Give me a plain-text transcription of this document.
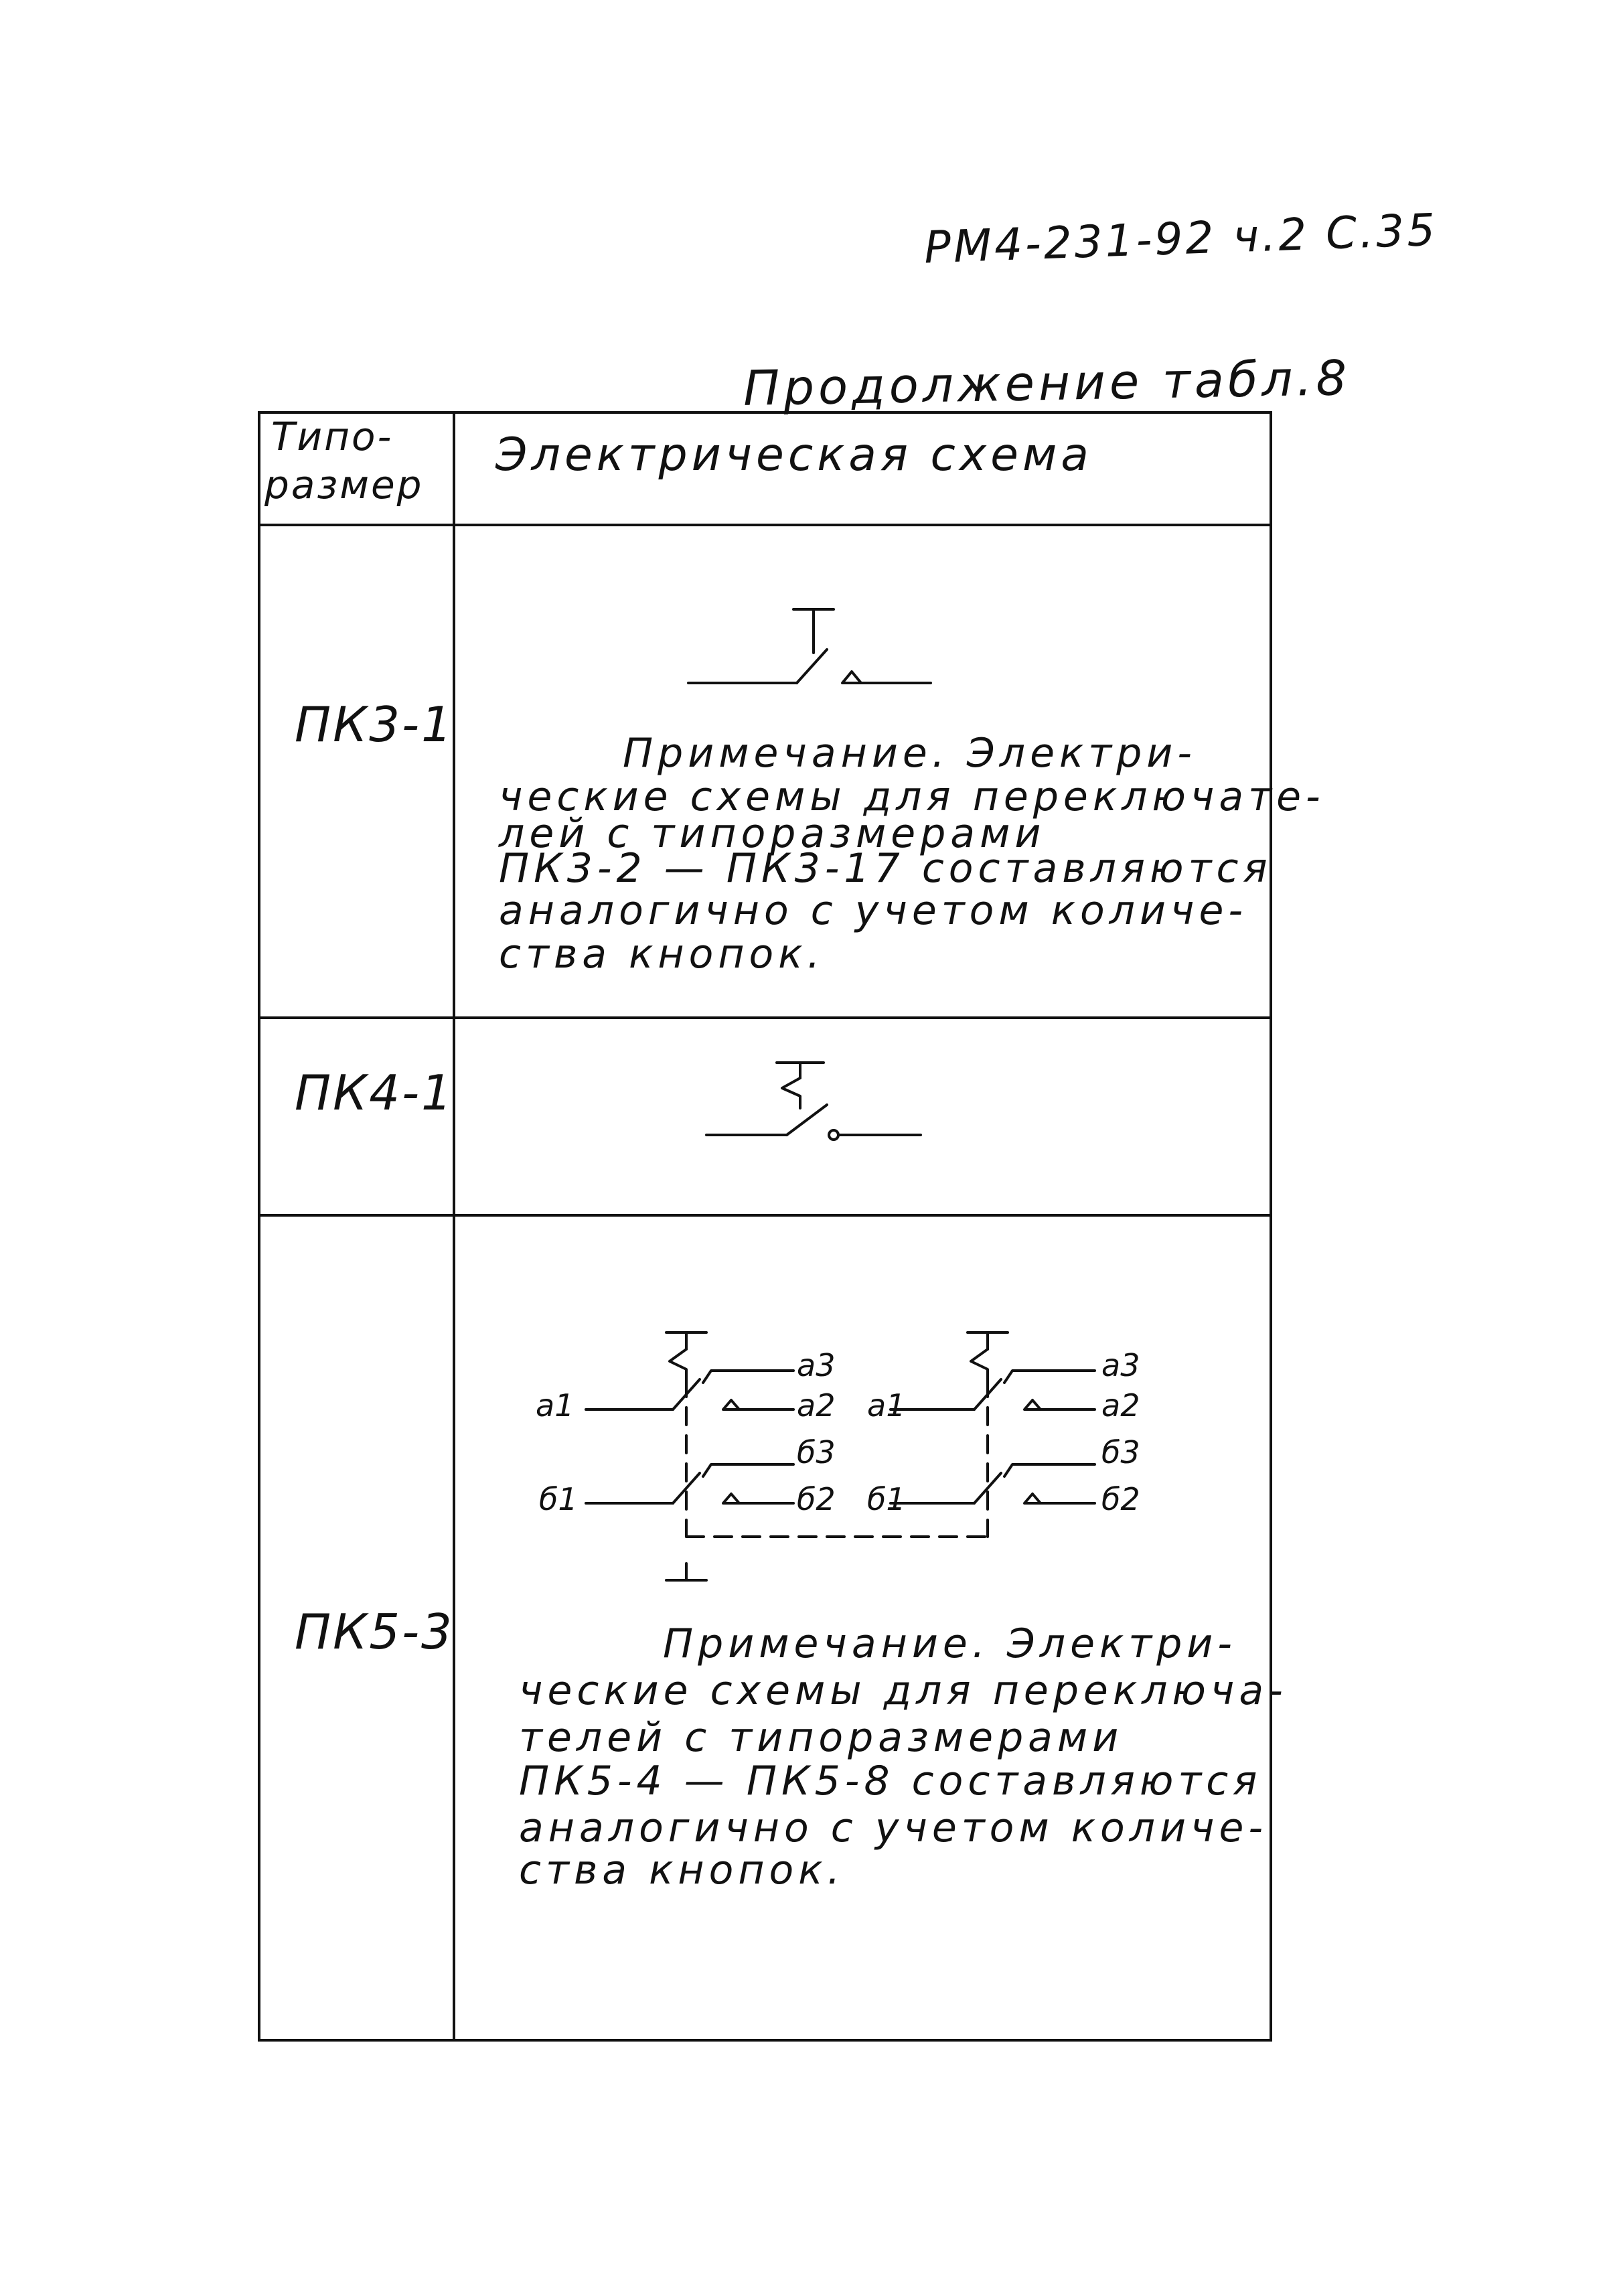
РМ4-231-92 ч.2 С.35
Продолжение табл.8
Типо-
размер
Электрическая схема
ПК3-1
ПК4-1
ПК5-3
а1
а3
а2
б1
б3
б2
а1
а3
а2
б1
б3
б2
Примечание. Электри-
ческие схемы для переключате-
лей с типоразмерами
ПК3-2 — ПК3-17 составляются
аналогично с учетом количе-
ства кнопок.
Примечание. Электри-
ческие схемы для переключа-
телей с типоразмерами
ПК5-4 — ПК5-8 составляются
аналогично с учетом количе-
ства кнопок.
